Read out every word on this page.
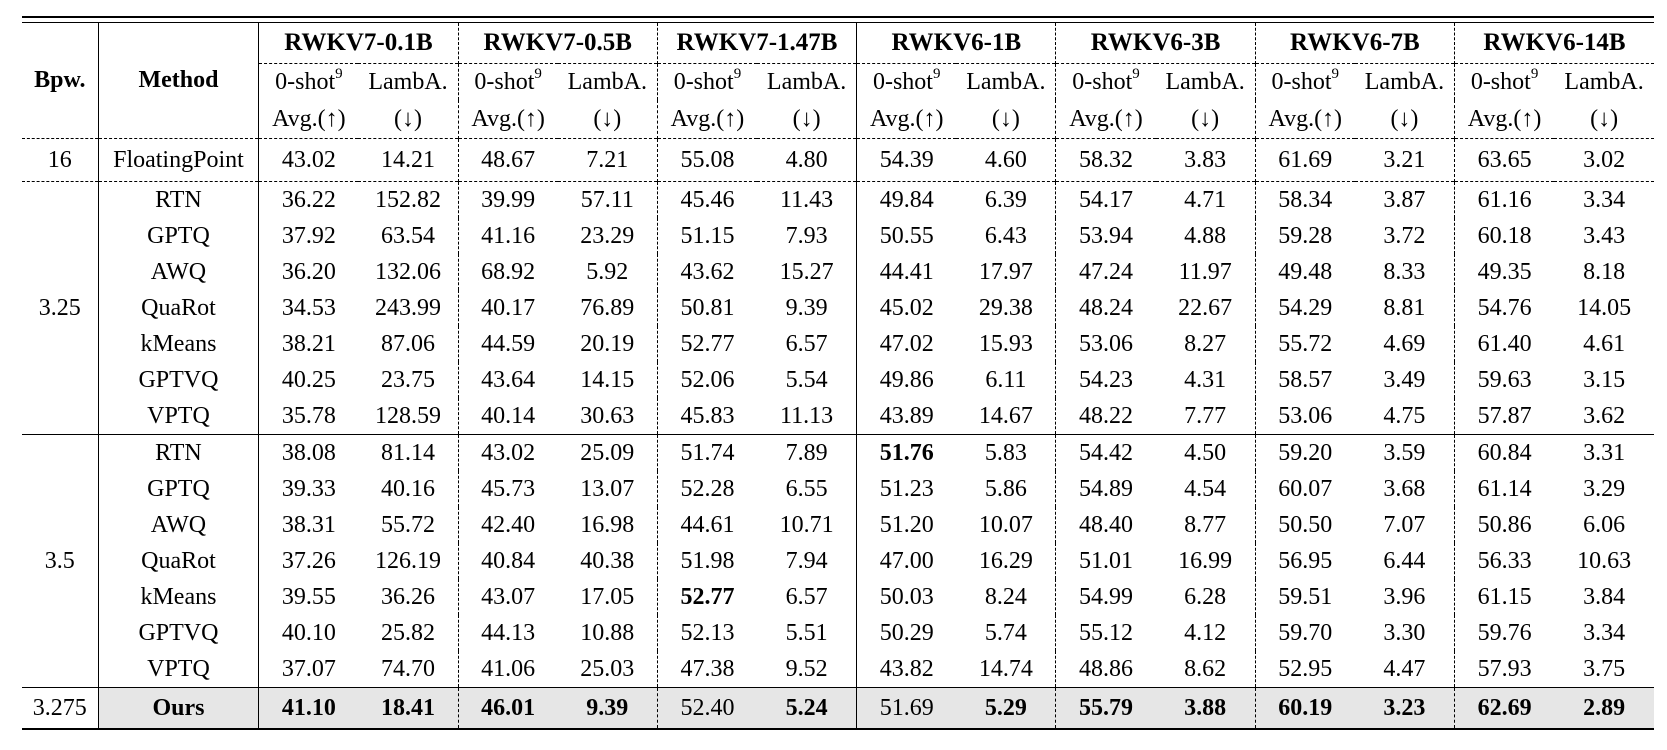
Bpw.	Method	RWKV7-0.1B		RWKV7-0.5B		RWKV7-1.47B		RWKV6-1B		RWKV6-3B		RWKV6-7B		RWKV6-14B	
		0-shot$^9$	LambA.	0-shot$^9$	LambA.	0-shot$^9$	LambA.	0-shot$^9$	LambA.	0-shot$^9$	LambA.	0-shot$^9$	LambA.	0-shot$^9$	LambA.
		Avg.(↑)	(↓)	Avg.(↑)	(↓)	Avg.(↑)	(↓)	Avg.(↑)	(↓)	Avg.(↑)	(↓)	Avg.(↑)	(↓)	Avg.(↑)	(↓)
16	FloatingPoint	43.02	14.21	48.67	7.21	55.08	4.80	54.39	4.60	58.32	3.83	61.69	3.21	63.65	3.02
3.25	RTN	36.22	152.82	39.99	57.11	45.46	11.43	49.84	6.39	54.17	4.71	58.34	3.87	61.16	3.34
	GPTQ	37.92	63.54	41.16	23.29	51.15	7.93	50.55	6.43	53.94	4.88	59.28	3.72	60.18	3.43
	AWQ	36.20	132.06	68.92	5.92	43.62	15.27	44.41	17.97	47.24	11.97	49.48	8.33	49.35	8.18
	QuaRot	34.53	243.99	40.17	76.89	50.81	9.39	45.02	29.38	48.24	22.67	54.29	8.81	54.76	14.05
	kMeans	38.21	87.06	44.59	20.19	52.77	6.57	47.02	15.93	53.06	8.27	55.72	4.69	61.40	4.61
	GPTVQ	40.25	23.75	43.64	14.15	52.06	5.54	49.86	6.11	54.23	4.31	58.57	3.49	59.63	3.15
	VPTQ	35.78	128.59	40.14	30.63	45.83	11.13	43.89	14.67	48.22	7.77	53.06	4.75	57.87	3.62
3.5	RTN	38.08	81.14	43.02	25.09	51.74	7.89	51.76	5.83	54.42	4.50	59.20	3.59	60.84	3.31
	GPTQ	39.33	40.16	45.73	13.07	52.28	6.55	51.23	5.86	54.89	4.54	60.07	3.68	61.14	3.29
	AWQ	38.31	55.72	42.40	16.98	44.61	10.71	51.20	10.07	48.40	8.77	50.50	7.07	50.86	6.06
	QuaRot	37.26	126.19	40.84	40.38	51.98	7.94	47.00	16.29	51.01	16.99	56.95	6.44	56.33	10.63
	kMeans	39.55	36.26	43.07	17.05	52.77	6.57	50.03	8.24	54.99	6.28	59.51	3.96	61.15	3.84
	GPTVQ	40.10	25.82	44.13	10.88	52.13	5.51	50.29	5.74	55.12	4.12	59.70	3.30	59.76	3.34
	VPTQ	37.07	74.70	41.06	25.03	47.38	9.52	43.82	14.74	48.86	8.62	52.95	4.47	57.93	3.75
3.275	Ours	41.10	18.41	46.01	9.39	52.40	5.24	51.69	5.29	55.79	3.88	60.19	3.23	62.69	2.89
